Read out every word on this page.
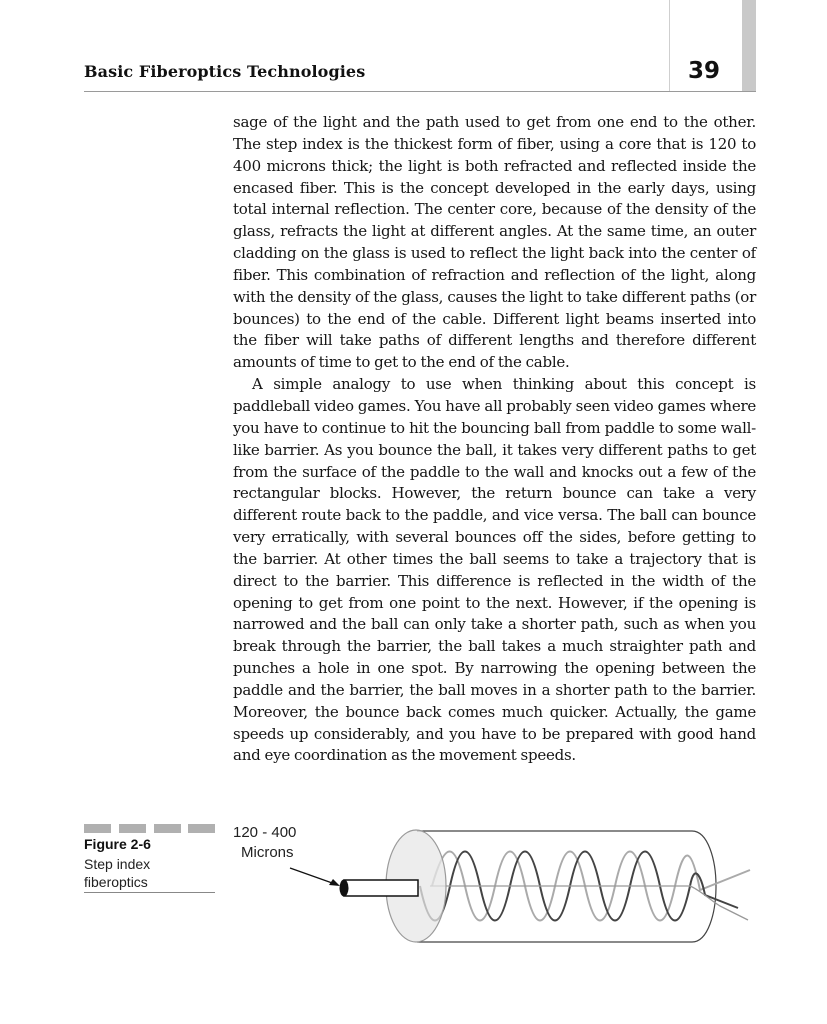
Basic Fiberoptics Technologies	39

sage of the light and the path used to get from one end to the other. The step index is the thickest form of fiber, using a core that is 120 to 400 microns thick; the light is both refracted and reflected inside the encased fiber. This is the concept developed in the early days, using total internal reflection. The center core, because of the density of the glass, refracts the light at different angles. At the same time, an outer cladding on the glass is used to reflect the light back into the center of fiber. This combination of refraction and reflection of the light, along with the density of the glass, causes the light to take different paths (or bounces) to the end of the cable. Different light beams inserted into the fiber will take paths of different lengths and therefore different amounts of time to get to the end of the cable.

A simple analogy to use when thinking about this concept is paddleball video games. You have all probably seen video games where you have to continue to hit the bouncing ball from paddle to some wall-like barrier. As you bounce the ball, it takes very different paths to get from the surface of the paddle to the wall and knocks out a few of the rectangular blocks. However, the return bounce can take a very different route back to the paddle, and vice versa. The ball can bounce very erratically, with several bounces off the sides, before getting to the barrier. At other times the ball seems to take a trajectory that is direct to the barrier. This difference is reflected in the width of the opening to get from one point to the next. However, if the opening is narrowed and the ball can only take a shorter path, such as when you break through the barrier, the ball takes a much straighter path and punches a hole in one spot. By narrowing the opening between the paddle and the barrier, the ball moves in a shorter path to the barrier. Moreover, the bounce back comes much quicker. Actually, the game speeds up considerably, and you have to be prepared with good hand and eye coordination as the movement speeds.

Figure 2-6
Step index fiberoptics
120 - 400
Microns
